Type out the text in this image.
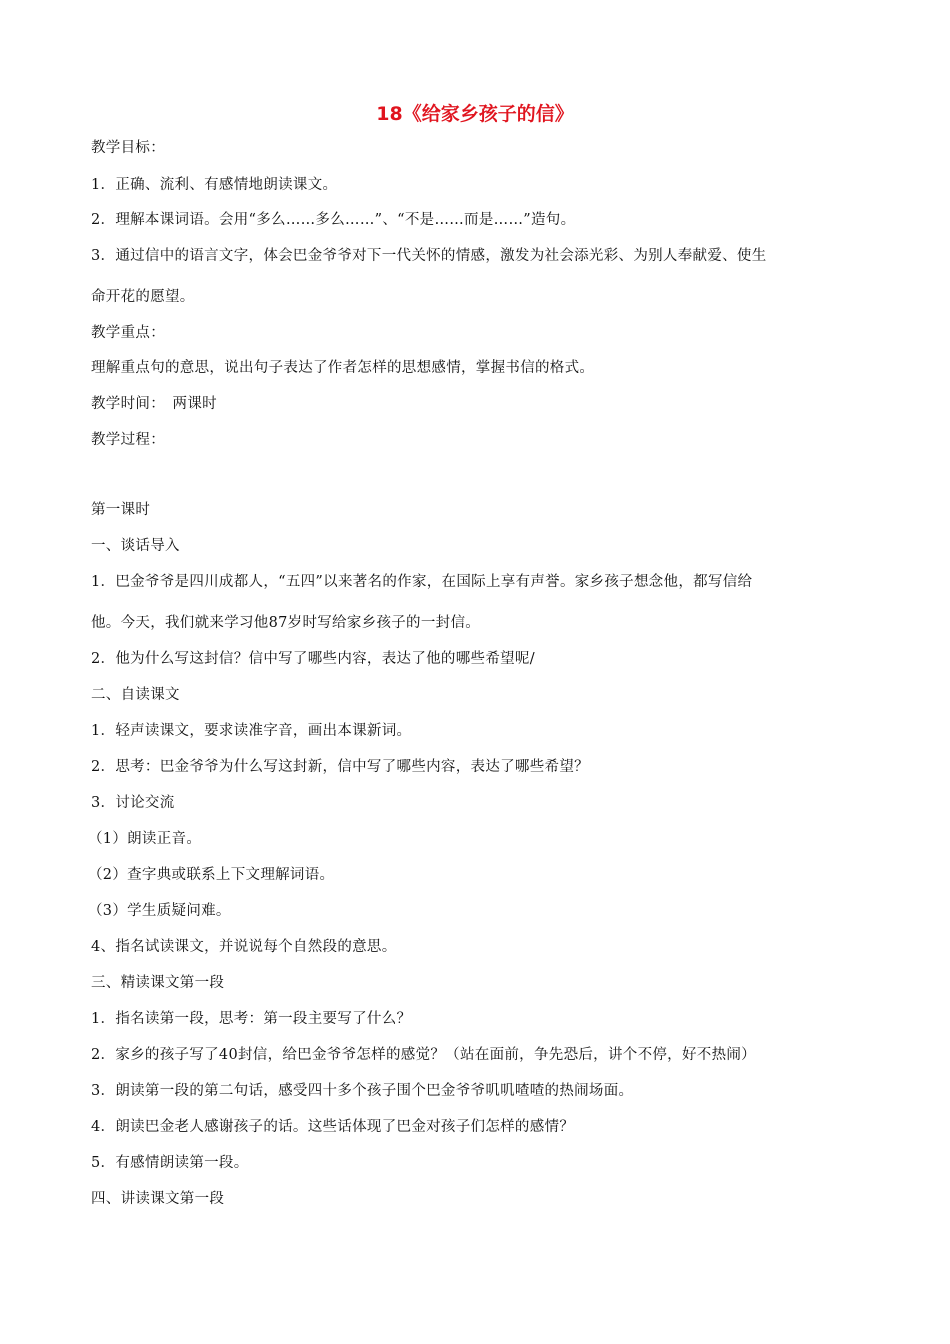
18《给家乡孩子的信》
教学目标：
1．正确、流利、有感情地朗读课文。
2．理解本课词语。会用“多么……多么……”、“不是……而是……”造句。
3．通过信中的语言文字，体会巴金爷爷对下一代关怀的情感，激发为社会添光彩、为别人奉献爱、使生
命开花的愿望。
教学重点：
理解重点句的意思，说出句子表达了作者怎样的思想感情，掌握书信的格式。
教学时间：　两课时
教学过程：
第一课时
一、谈话导入
1．巴金爷爷是四川成都人，“五四”以来著名的作家，在国际上享有声誉。家乡孩子想念他，都写信给
他。今天，我们就来学习他87岁时写给家乡孩子的一封信。
2．他为什么写这封信？信中写了哪些内容，表达了他的哪些希望呢/
二、自读课文
1．轻声读课文，要求读准字音，画出本课新词。
2．思考：巴金爷爷为什么写这封新，信中写了哪些内容，表达了哪些希望？
3．讨论交流
（1）朗读正音。
（2）查字典或联系上下文理解词语。
（3）学生质疑问难。
4、指名试读课文，并说说每个自然段的意思。
三、精读课文第一段
1．指名读第一段，思考：第一段主要写了什么？
2．家乡的孩子写了40封信，给巴金爷爷怎样的感觉？（站在面前，争先恐后，讲个不停，好不热闹）
3．朗读第一段的第二句话，感受四十多个孩子围个巴金爷爷叽叽喳喳的热闹场面。
4．朗读巴金老人感谢孩子的话。这些话体现了巴金对孩子们怎样的感情？
5．有感情朗读第一段。
四、讲读课文第一段
